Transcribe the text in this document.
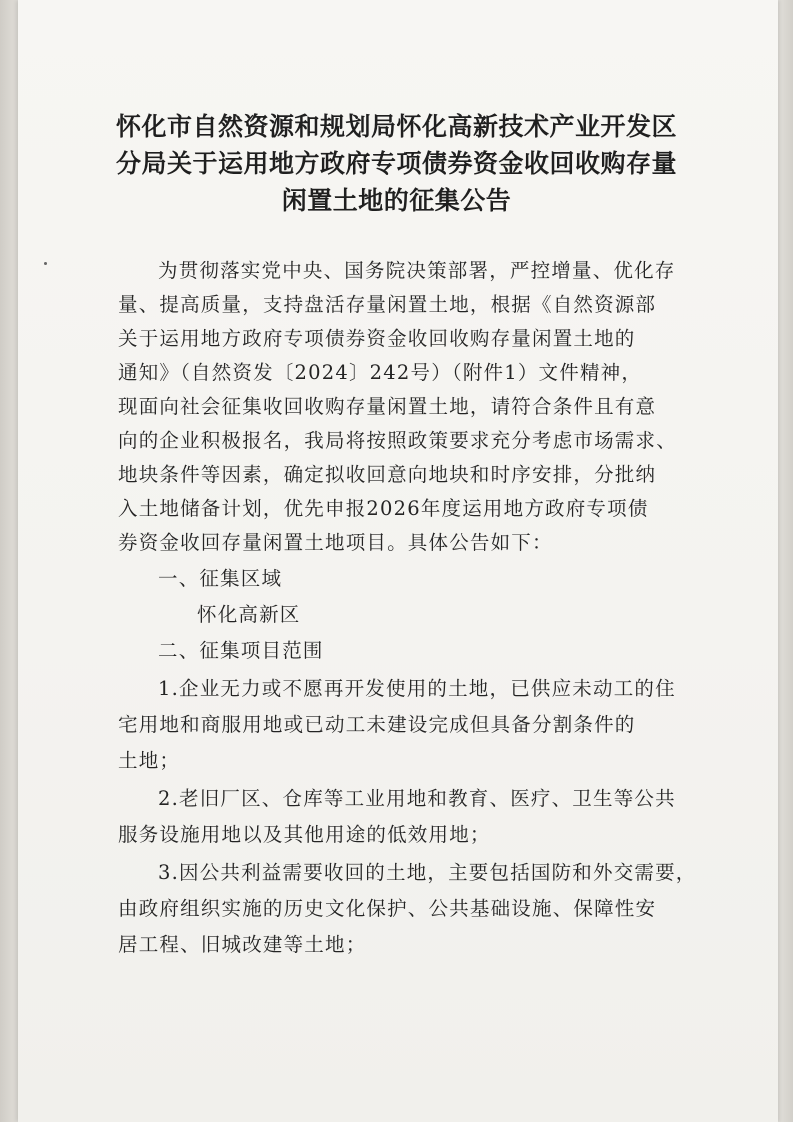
怀化市自然资源和规划局怀化高新技术产业开发区
分局关于运用地方政府专项债券资金收回收购存量
闲置土地的征集公告

为贯彻落实党中央、国务院决策部署，严控增量、优化存

量、提高质量，支持盘活存量闲置土地，根据《自然资源部

关于运用地方政府专项债券资金收回收购存量闲置土地的

通知》（自然资发〔2024〕242号）（附件1）文件精神，

现面向社会征集收回收购存量闲置土地，请符合条件且有意

向的企业积极报名，我局将按照政策要求充分考虑市场需求、

地块条件等因素，确定拟收回意向地块和时序安排，分批纳

入土地储备计划，优先申报2026年度运用地方政府专项债

券资金收回存量闲置土地项目。具体公告如下：

一、征集区域

怀化高新区

二、征集项目范围

1.企业无力或不愿再开发使用的土地，已供应未动工的住

宅用地和商服用地或已动工未建设完成但具备分割条件的

土地；

2.老旧厂区、仓库等工业用地和教育、医疗、卫生等公共

服务设施用地以及其他用途的低效用地；

3.因公共利益需要收回的土地，主要包括国防和外交需要，

由政府组织实施的历史文化保护、公共基础设施、保障性安

居工程、旧城改建等土地；
